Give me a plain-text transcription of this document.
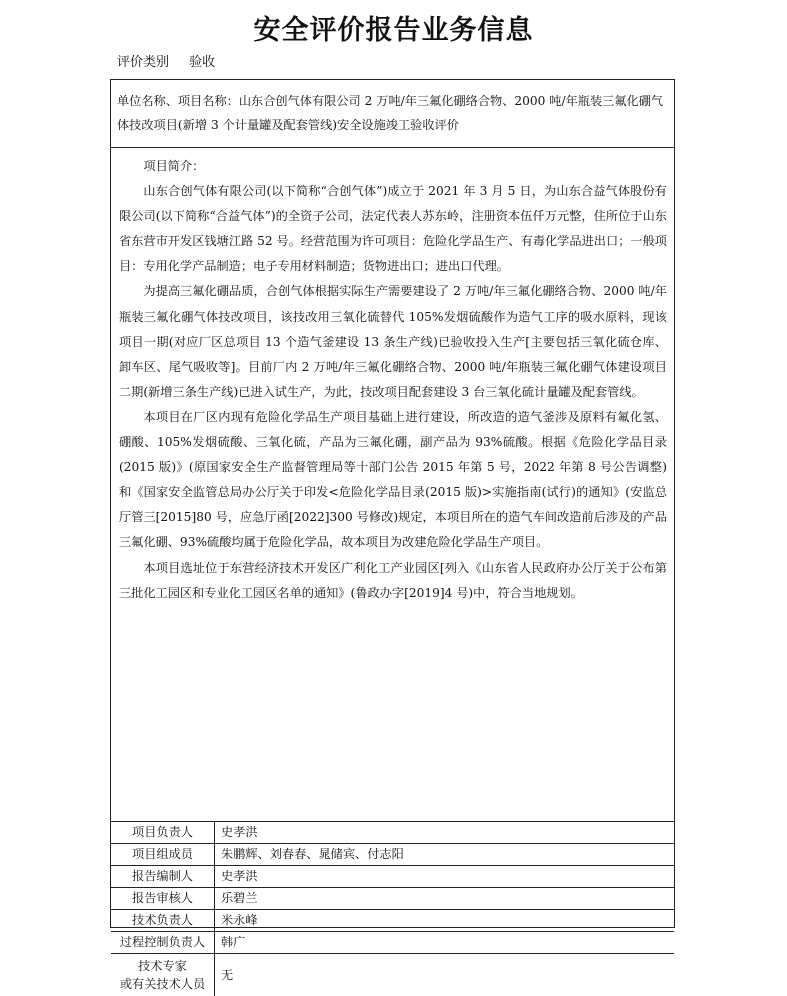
安全评价报告业务信息
评价类别 验收
单位名称、项目名称：山东合创气体有限公司 2 万吨/年三氟化硼络合物、2000 吨/年瓶装三氟化硼气体技改项目(新增 3 个计量罐及配套管线)安全设施竣工验收评价

项目简介：

山东合创气体有限公司(以下简称“合创气体”)成立于 2021 年 3 月 5 日，为山东合益气体股份有限公司(以下简称“合益气体”)的全资子公司，法定代表人苏东岭，注册资本伍仟万元整，住所位于山东省东营市开发区钱塘江路 52 号。经营范围为许可项目：危险化学品生产、有毒化学品进出口；一般项目：专用化学产品制造；电子专用材料制造；货物进出口；进出口代理。

为提高三氟化硼品质，合创气体根据实际生产需要建设了 2 万吨/年三氟化硼络合物、2000 吨/年瓶装三氟化硼气体技改项目，该技改用三氧化硫替代 105%发烟硫酸作为造气工序的吸水原料，现该项目一期(对应厂区总项目 13 个造气釜建设 13 条生产线)已验收投入生产[主要包括三氧化硫仓库、卸车区、尾气吸收等]。目前厂内 2 万吨/年三氟化硼络合物、2000 吨/年瓶装三氟化硼气体建设项目二期(新增三条生产线)已进入试生产，为此，技改项目配套建设 3 台三氧化硫计量罐及配套管线。

本项目在厂区内现有危险化学品生产项目基础上进行建设，所改造的造气釜涉及原料有氟化氢、硼酸、105%发烟硫酸、三氧化硫，产品为三氟化硼，副产品为 93%硫酸。根据《危险化学品目录(2015 版)》(原国家安全生产监督管理局等十部门公告 2015 年第 5 号，2022 年第 8 号公告调整)和《国家安全监管总局办公厅关于印发<危险化学品目录(2015 版)>实施指南(试行)的通知》(安监总厅管三[2015]80 号，应急厅函[2022]300 号修改)规定，本项目所在的造气车间改造前后涉及的产品三氟化硼、93%硫酸均属于危险化学品，故本项目为改建危险化学品生产项目。

本项目选址位于东营经济技术开发区广利化工产业园区[列入《山东省人民政府办公厅关于公布第三批化工园区和专业化工园区名单的通知》(鲁政办字[2019]4 号)中，符合当地规划。

项目负责人	史孝洪
项目组成员	朱鹏辉、刘春春、晁储宾、付志阳
报告编制人	史孝洪
报告审核人	乐碧兰
技术负责人	米永峰
过程控制负责人	韩广

技术专家
或有关技术人员	无
